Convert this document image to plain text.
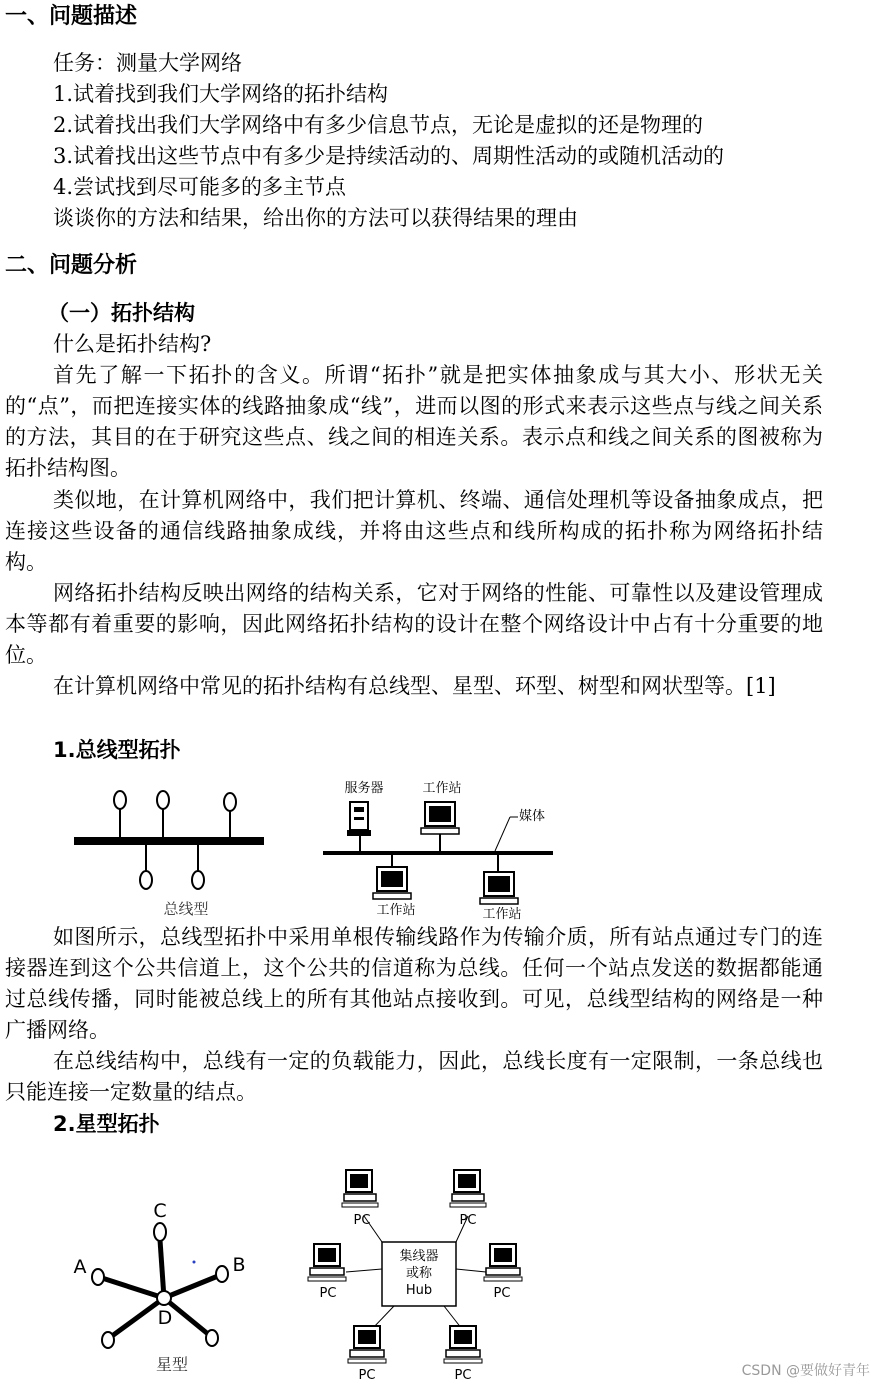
一、问题描述
任务：测量大学网络
1.试着找到我们大学网络的拓扑结构
2.试着找出我们大学网络中有多少信息节点，无论是虚拟的还是物理的
3.试着找出这些节点中有多少是持续活动的、周期性活动的或随机活动的
4.尝试找到尽可能多的多主节点
谈谈你的方法和结果，给出你的方法可以获得结果的理由
二、问题分析
（一）拓扑结构
什么是拓扑结构?
首先了解一下拓扑的含义。所谓“拓扑”就是把实体抽象成与其大小、形状无关的“点”，而把连接实体的线路抽象成“线”，进而以图的形式来表示这些点与线之间关系的方法，其目的在于研究这些点、线之间的相连关系。表示点和线之间关系的图被称为拓扑结构图。
类似地，在计算机网络中，我们把计算机、终端、通信处理机等设备抽象成点，把连接这些设备的通信线路抽象成线，并将由这些点和线所构成的拓扑称为网络拓扑结构。
网络拓扑结构反映出网络的结构关系，它对于网络的性能、可靠性以及建设管理成本等都有着重要的影响，因此网络拓扑结构的设计在整个网络设计中占有十分重要的地位。
在计算机网络中常见的拓扑结构有总线型、星型、环型、树型和网状型等。[1]
1.总线型拓扑
总线型
服务器	工作站
媒体
工作站	工作站
如图所示，总线型拓扑中采用单根传输线路作为传输介质，所有站点通过专门的连接器连到这个公共信道上，这个公共的信道称为总线。任何一个站点发送的数据都能通过总线传播，同时能被总线上的所有其他站点接收到。可见，总线型结构的网络是一种广播网络。
在总线结构中，总线有一定的负载能力，因此，总线长度有一定限制，一条总线也只能连接一定数量的结点。
2.星型拓扑
C
A	B
D
星型
集线器
或称
Hub
PC	PC
PC	PC
PC	PC	CSDN @要做好青年
